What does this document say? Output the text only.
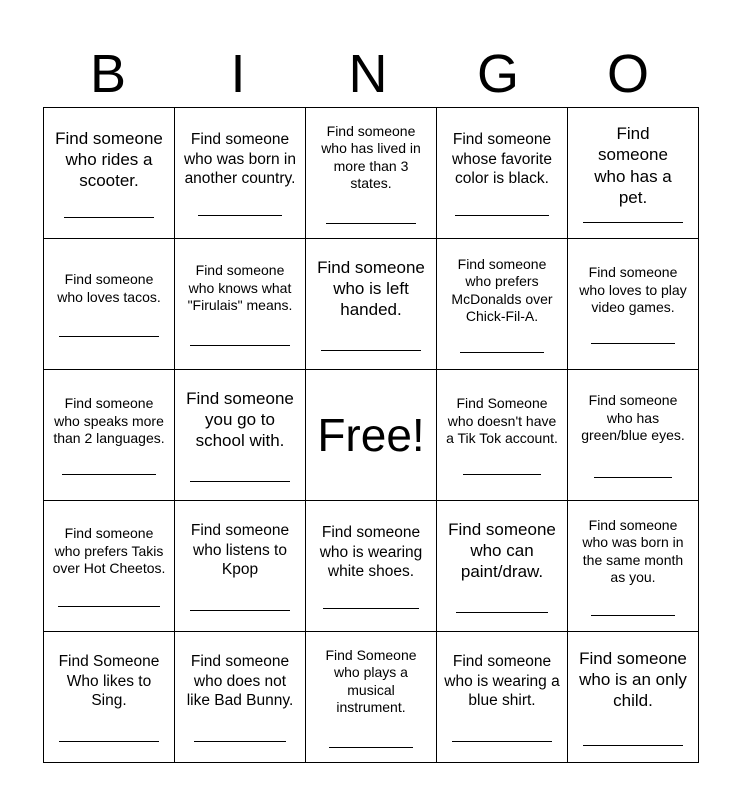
B	I	N	G	O
Find someone who rides a scooter.	Find someone who was born in another country.	Find someone who has lived in more than 3 states.	Find someone whose favorite color is black.	Find someone who has a pet.

Find someone who loves tacos.	Find someone who knows what "Firulais" means.	Find someone who is left handed.	Find someone who prefers McDonalds over Chick-Fil-A.	Find someone who loves to play video games.

Find someone who speaks more than 2 languages.	Find someone you go to school with.	Free!	Find Someone who doesn't have a Tik Tok account.	Find someone who has green/blue eyes.

Find someone who prefers Takis over Hot Cheetos.	Find someone who listens to Kpop	Find someone who is wearing white shoes.	Find someone who can paint/draw.	Find someone who was born in the same month as you.

Find Someone Who likes to Sing.	Find someone who does not like Bad Bunny.	Find Someone who plays a musical instrument.	Find someone who is wearing a blue shirt.	Find someone who is an only child.
